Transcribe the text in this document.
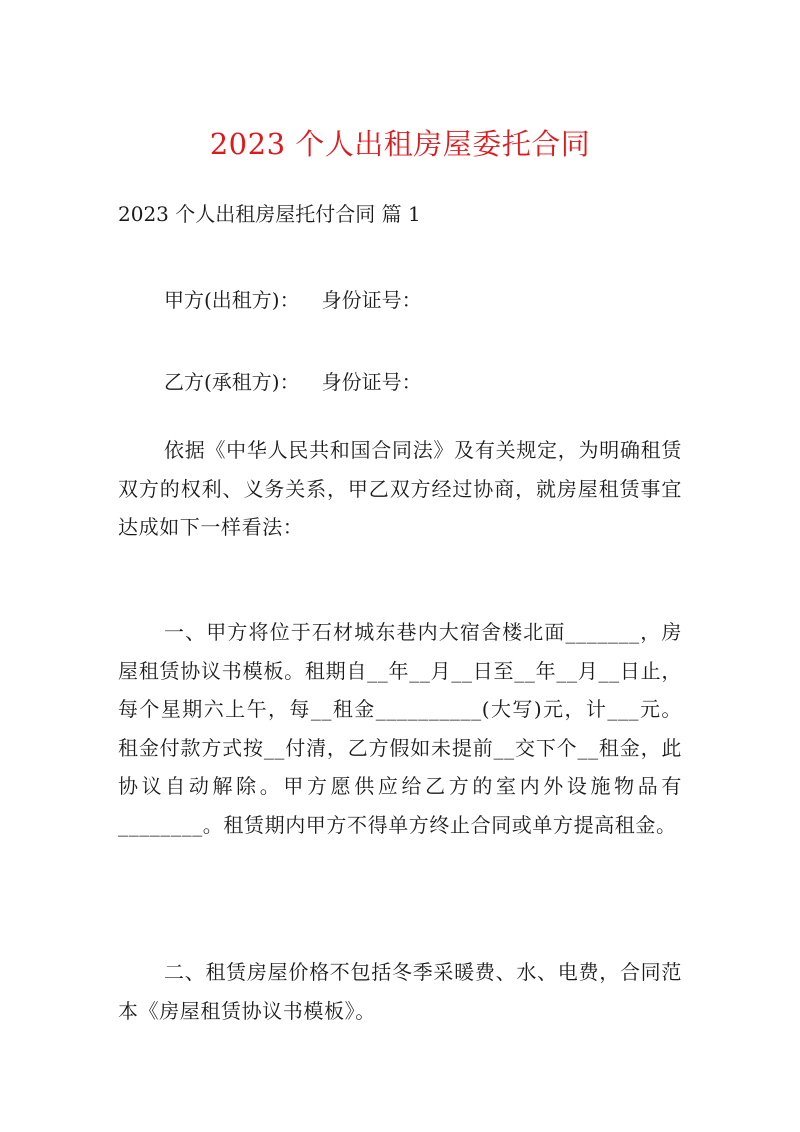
2023 个人出租房屋委托合同
2023 个人出租房屋托付合同 篇 1
甲方(出租方)： 身份证号：
乙方(承租方)： 身份证号：

依据《中华人民共和国合同法》及有关规定，为明确租赁双方的权利、义务关系，甲乙双方经过协商，就房屋租赁事宜达成如下一样看法：

一、甲方将位于石材城东巷内大宿舍楼北面_______，房屋租赁协议书模板。租期自__年__月__日至__年__月__日止，每个星期六上午，每__租金__________(大写)元，计___元。租金付款方式按__付清，乙方假如未提前__交下个__租金，此协议自动解除。甲方愿供应给乙方的室内外设施物品有________。租赁期内甲方不得单方终止合同或单方提高租金。

二、租赁房屋价格不包括冬季采暖费、水、电费，合同范本《房屋租赁协议书模板》。
